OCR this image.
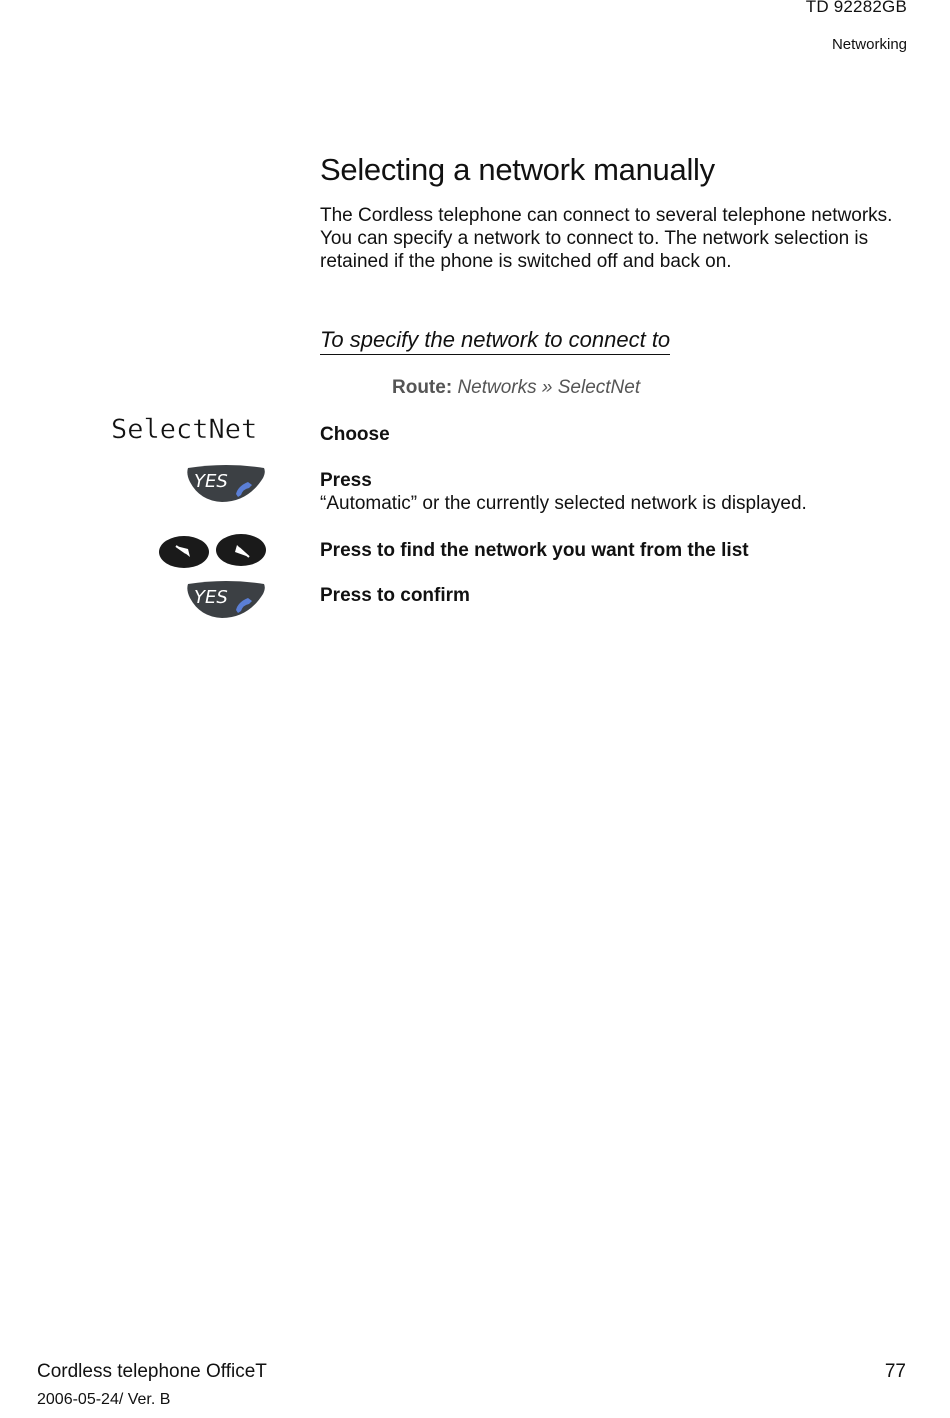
TD 92282GB
Networking
Selecting a network manually

The Cordless telephone can connect to several telephone networks. You can specify a network to connect to. The network selection is retained if the phone is switched off and back on.

To specify the network to connect to
Route: Networks » SelectNet
SelectNet	Choose
YES	Press
“Automatic” or the currently selected network is displayed.
Press to find the network you want from the list
YES	Press to confirm
Cordless telephone OfficeT
2006-05-24/ Ver. B
77
